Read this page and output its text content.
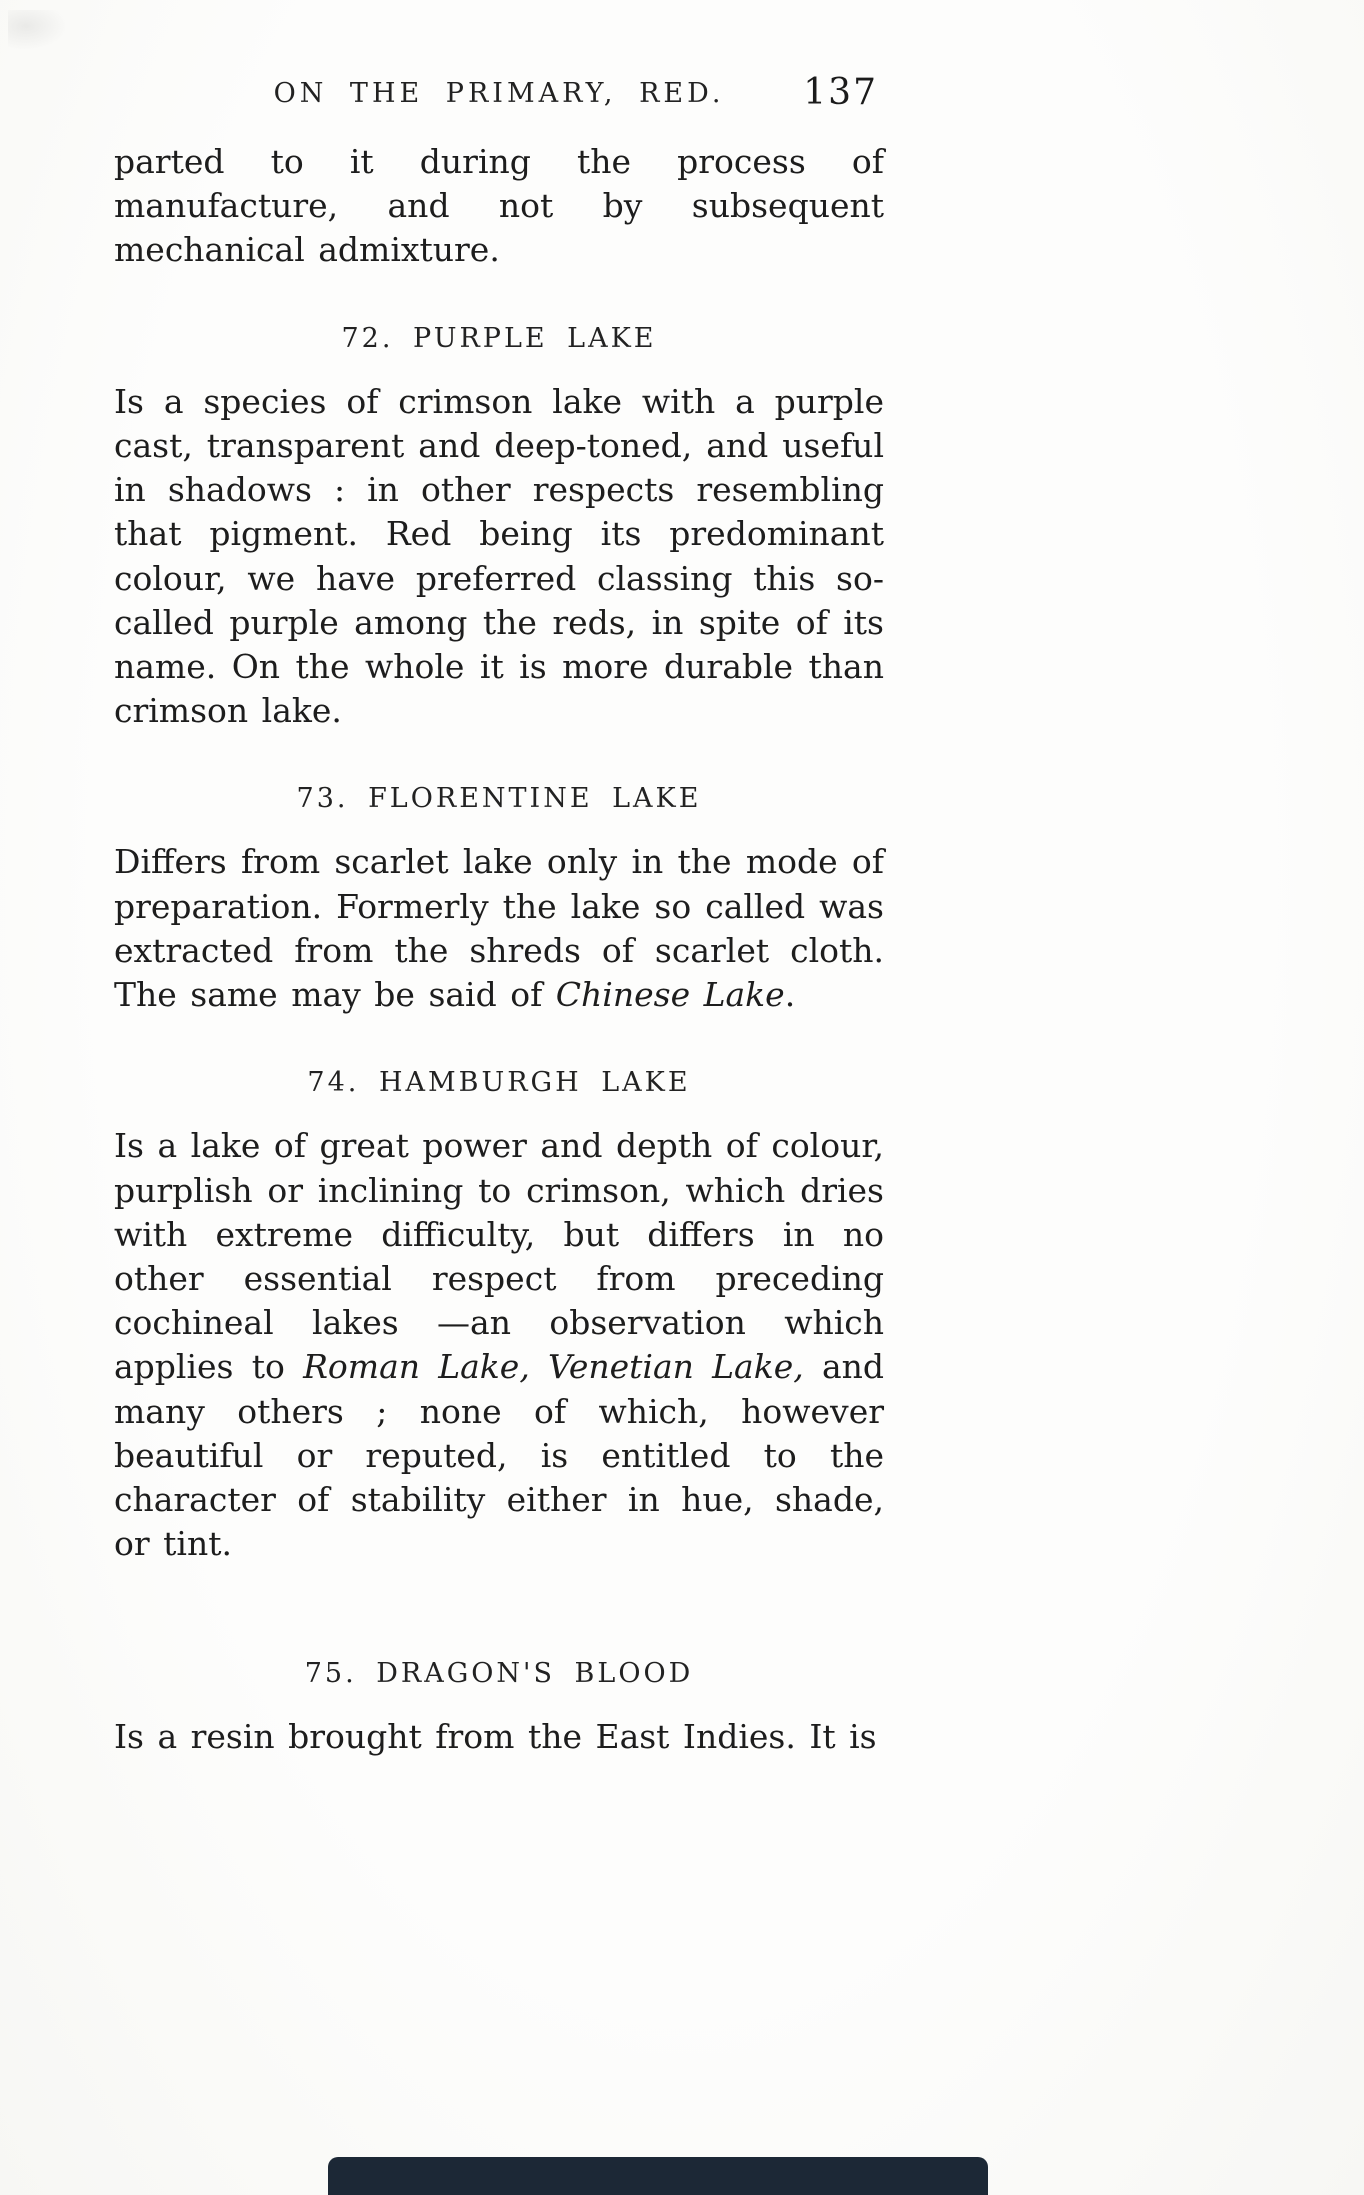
ON THE PRIMARY, RED.	137

parted to it during the process of manufacture, and not by subsequent mechanical admixture.

72. PURPLE LAKE

Is a species of crimson lake with a purple cast, transparent and deep-toned, and useful in shadows : in other respects resembling that pigment. Red being its predominant colour, we have preferred classing this so-called purple among the reds, in spite of its name. On the whole it is more durable than crimson lake.

73. FLORENTINE LAKE

Differs from scarlet lake only in the mode of preparation. Formerly the lake so called was extracted from the shreds of scarlet cloth. The same may be said of Chinese Lake.

74. HAMBURGH LAKE

Is a lake of great power and depth of colour, purplish or inclining to crimson, which dries with extreme difficulty, but differs in no other essential respect from preceding cochineal lakes —an observation which applies to Roman Lake, Venetian Lake, and many others ; none of which, however beautiful or reputed, is entitled to the character of stability either in hue, shade, or tint.

75. DRAGON'S BLOOD

Is a resin brought from the East Indies. It is
